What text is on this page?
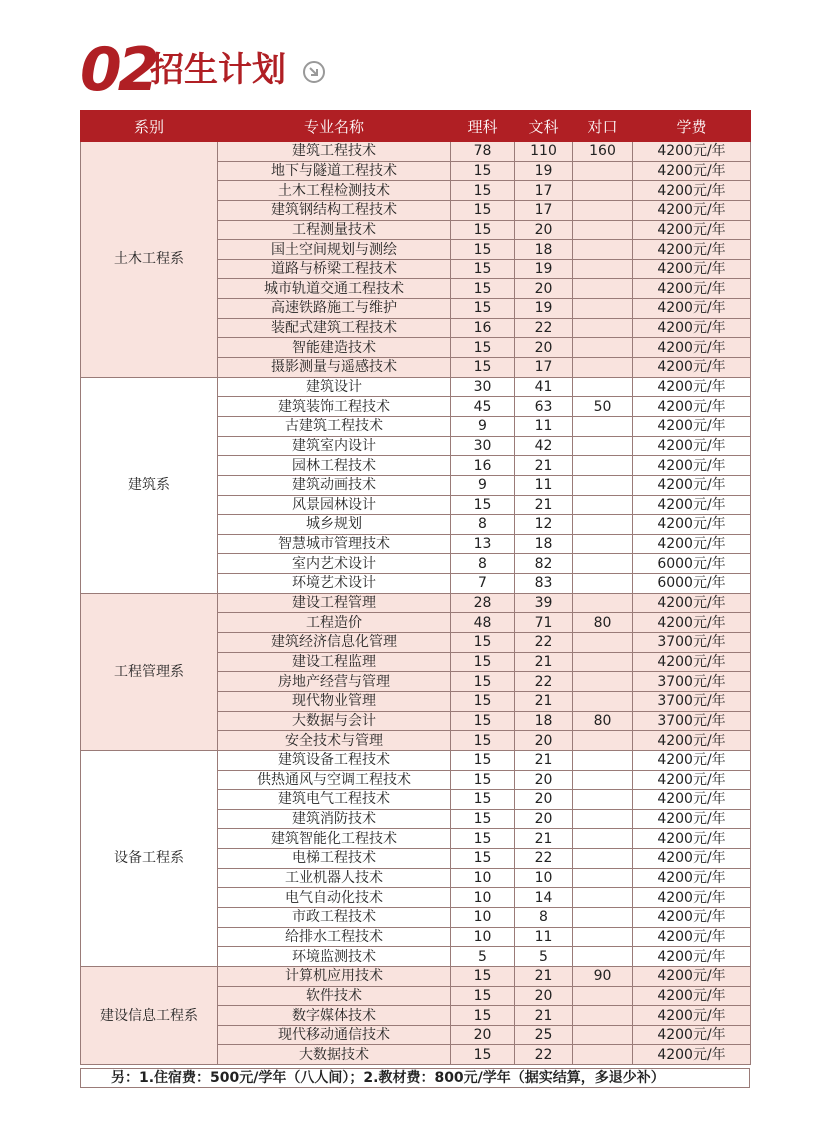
02
招生计划
系别	专业名称	理科	文科	对口	学费
土木工程系	建筑工程技术	78	110	160	4200元/年
	地下与隧道工程技术	15	19		4200元/年
	土木工程检测技术	15	17		4200元/年
	建筑钢结构工程技术	15	17		4200元/年
	工程测量技术	15	20		4200元/年
	国土空间规划与测绘	15	18		4200元/年
	道路与桥梁工程技术	15	19		4200元/年
	城市轨道交通工程技术	15	20		4200元/年
	高速铁路施工与维护	15	19		4200元/年
	装配式建筑工程技术	16	22		4200元/年
	智能建造技术	15	20		4200元/年
	摄影测量与遥感技术	15	17		4200元/年
建筑系	建筑设计	30	41		4200元/年
	建筑装饰工程技术	45	63	50	4200元/年
	古建筑工程技术	9	11		4200元/年
	建筑室内设计	30	42		4200元/年
	园林工程技术	16	21		4200元/年
	建筑动画技术	9	11		4200元/年
	风景园林设计	15	21		4200元/年
	城乡规划	8	12		4200元/年
	智慧城市管理技术	13	18		4200元/年
	室内艺术设计	8	82		6000元/年
	环境艺术设计	7	83		6000元/年
工程管理系	建设工程管理	28	39		4200元/年
	工程造价	48	71	80	4200元/年
	建筑经济信息化管理	15	22		3700元/年
	建设工程监理	15	21		4200元/年
	房地产经营与管理	15	22		3700元/年
	现代物业管理	15	21		3700元/年
	大数据与会计	15	18	80	3700元/年
	安全技术与管理	15	20		4200元/年
设备工程系	建筑设备工程技术	15	21		4200元/年
	供热通风与空调工程技术	15	20		4200元/年
	建筑电气工程技术	15	20		4200元/年
	建筑消防技术	15	20		4200元/年
	建筑智能化工程技术	15	21		4200元/年
	电梯工程技术	15	22		4200元/年
	工业机器人技术	10	10		4200元/年
	电气自动化技术	10	14		4200元/年
	市政工程技术	10	8		4200元/年
	给排水工程技术	10	11		4200元/年
	环境监测技术	5	5		4200元/年
建设信息工程系	计算机应用技术	15	21	90	4200元/年
	软件技术	15	20		4200元/年
	数字媒体技术	15	21		4200元/年
	现代移动通信技术	20	25		4200元/年
	大数据技术	15	22		4200元/年
另：1.住宿费：500元/学年（八人间）；2.教材费：800元/学年（据实结算，多退少补）
